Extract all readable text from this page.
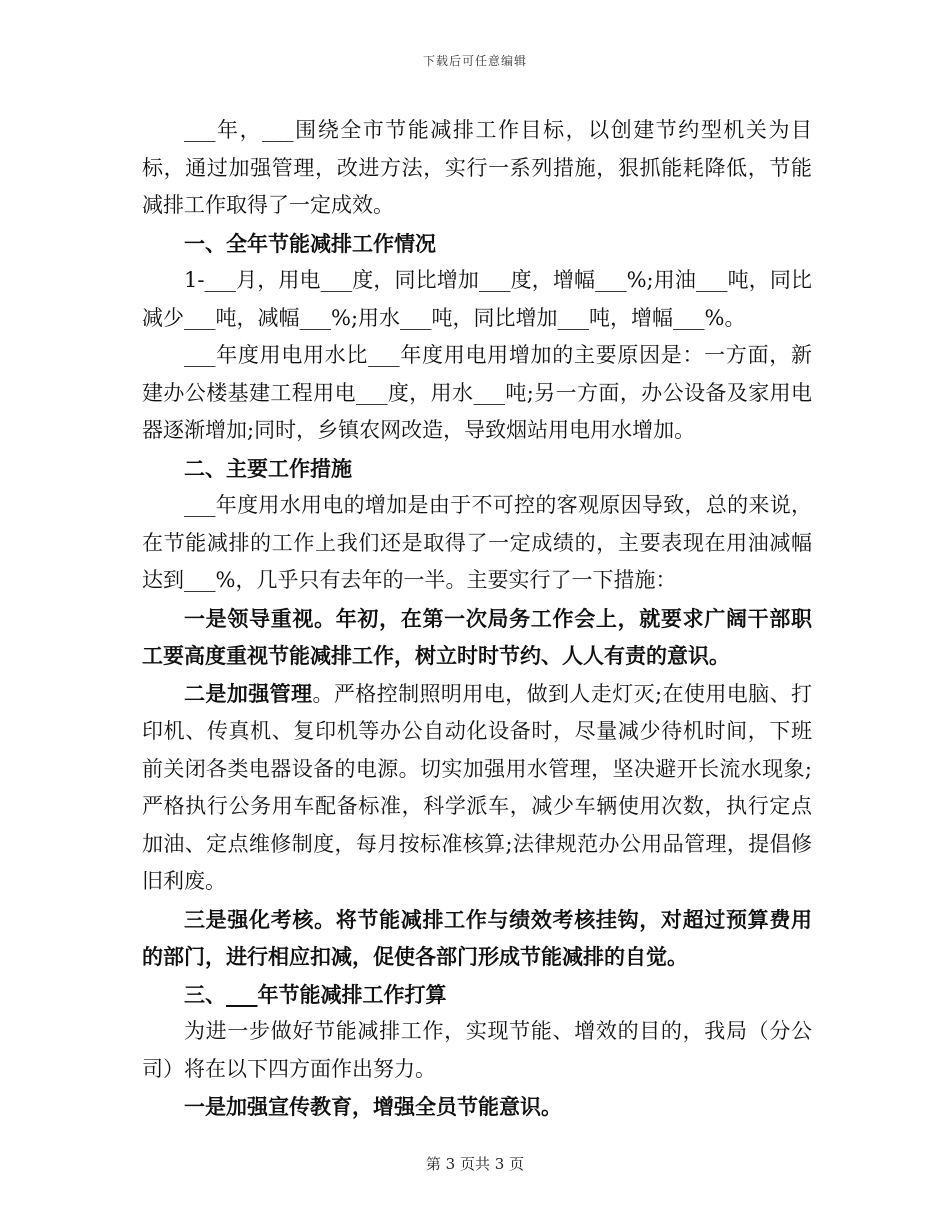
下载后可任意编辑

___年，___围绕全市节能减排工作目标，以创建节约型机关为目标，通过加强管理，改进方法，实行一系列措施，狠抓能耗降低，节能减排工作取得了一定成效。

一、全年节能减排工作情况

1-___月，用电___度，同比增加___度，增幅___%;用油___吨，同比减少___吨，减幅___%;用水___吨，同比增加___吨，增幅___%。

___年度用电用水比___年度用电用增加的主要原因是：一方面，新建办公楼基建工程用电___度，用水___吨;另一方面，办公设备及家用电器逐渐增加;同时，乡镇农网改造，导致烟站用电用水增加。

二、主要工作措施

___年度用水用电的增加是由于不可控的客观原因导致，总的来说，在节能减排的工作上我们还是取得了一定成绩的，主要表现在用油减幅达到___%，几乎只有去年的一半。主要实行了一下措施：

一是领导重视。年初，在第一次局务工作会上，就要求广阔干部职工要高度重视节能减排工作，树立时时节约、人人有责的意识。

二是加强管理。严格控制照明用电，做到人走灯灭;在使用电脑、打印机、传真机、复印机等办公自动化设备时，尽量减少待机时间，下班前关闭各类电器设备的电源。切实加强用水管理，坚决避开长流水现象;严格执行公务用车配备标准，科学派车，减少车辆使用次数，执行定点加油、定点维修制度，每月按标准核算;法律规范办公用品管理，提倡修旧利废。

三是强化考核。将节能减排工作与绩效考核挂钩，对超过预算费用的部门，进行相应扣减，促使各部门形成节能减排的自觉。

三、___年节能减排工作打算

为进一步做好节能减排工作，实现节能、增效的目的，我局（分公司）将在以下四方面作出努力。

一是加强宣传教育，增强全员节能意识。

第 3 页共 3 页
